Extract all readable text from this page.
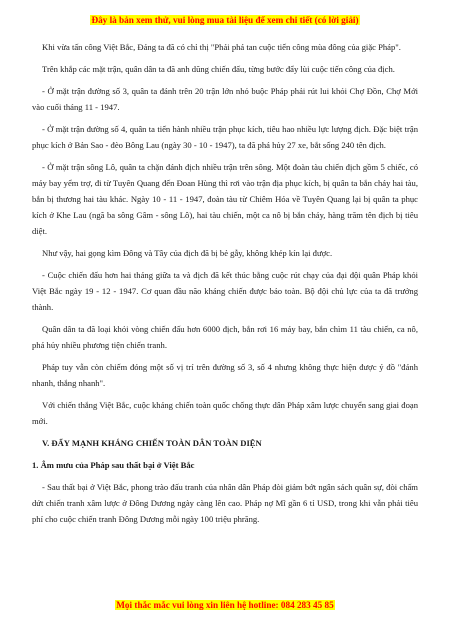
Đây là bản xem thử, vui lòng mua tài liệu để xem chi tiết (có lời giải)

Khi vừa tấn công Việt Bắc, Đảng ta đã có chỉ thị "Phải phá tan cuộc tiến công mùa đông của giặc Pháp".

Trên khắp các mặt trận, quân dân ta đã anh dũng chiến đấu, từng bước đẩy lùi cuộc tiến công của địch.

- Ở mặt trận đường số 3, quân ta đánh trên 20 trận lớn nhỏ buộc Pháp phải rút lui khỏi Chợ Đồn, Chợ Mới vào cuối tháng 11 - 1947.

- Ở mặt trận đường số 4, quân ta tiến hành nhiều trận phục kích, tiêu hao nhiều lực lượng địch. Đặc biệt trận phục kích ở Bản Sao - đèo Bông Lau (ngày 30 - 10 - 1947), ta đã phá hủy 27 xe, bắt sống 240 tên địch.

- Ở mặt trận sông Lô, quân ta chặn đánh địch nhiều trận trên sông. Một đoàn tàu chiến địch gồm 5 chiếc, có máy bay yểm trợ, đi từ Tuyên Quang đến Đoan Hùng thì rơi vào trận địa phục kích, bị quân ta bắn cháy hai tàu, bắn bị thương hai tàu khác. Ngày 10 - 11 - 1947, đoàn tàu từ Chiêm Hóa về Tuyên Quang lại bị quân ta phục kích ở Khe Lau (ngã ba sông Gâm - sông Lô), hai tàu chiến, một ca nô bị bắn cháy, hàng trăm tên địch bị tiêu diệt.

Như vậy, hai gọng kìm Đông và Tây của địch đã bị bẻ gẫy, không khép kín lại được.

- Cuộc chiến đấu hơn hai tháng giữa ta và địch đã kết thúc bằng cuộc rút chạy của đại đội quân Pháp khỏi Việt Bắc ngày 19 - 12 - 1947. Cơ quan đầu não kháng chiến được bảo toàn. Bộ đội chủ lực của ta đã trưởng thành.

Quân dân ta đã loại khỏi vòng chiến đấu hơn 6000 địch, bắn rơi 16 máy bay, bắn chìm 11 tàu chiến, ca nô, phá hủy nhiều phương tiện chiến tranh.

Pháp tuy vẫn còn chiếm đóng một số vị trí trên đường số 3, số 4 nhưng không thực hiện được ý đồ "đánh nhanh, thắng nhanh".

Với chiến thắng Việt Bắc, cuộc kháng chiến toàn quốc chống thực dân Pháp xâm lược chuyển sang giai đoạn mới.

V. ĐẨY MẠNH KHÁNG CHIẾN TOÀN DÂN TOÀN DIỆN

1. Âm mưu của Pháp sau thất bại ở Việt Bắc

- Sau thất bại ở Việt Bắc, phong trào đấu tranh của nhân dân Pháp đòi giảm bớt ngân sách quân sự, đòi chấm dứt chiến tranh xâm lược ở Đông Dương ngày càng lên cao. Pháp nợ Mĩ gần 6 tỉ USD, trong khi vẫn phải tiêu phí cho cuộc chiến tranh Đông Dương mỗi ngày 100 triệu phrăng.

Mọi thắc mắc vui lòng xin liên hệ hotline: 084 283 45 85
